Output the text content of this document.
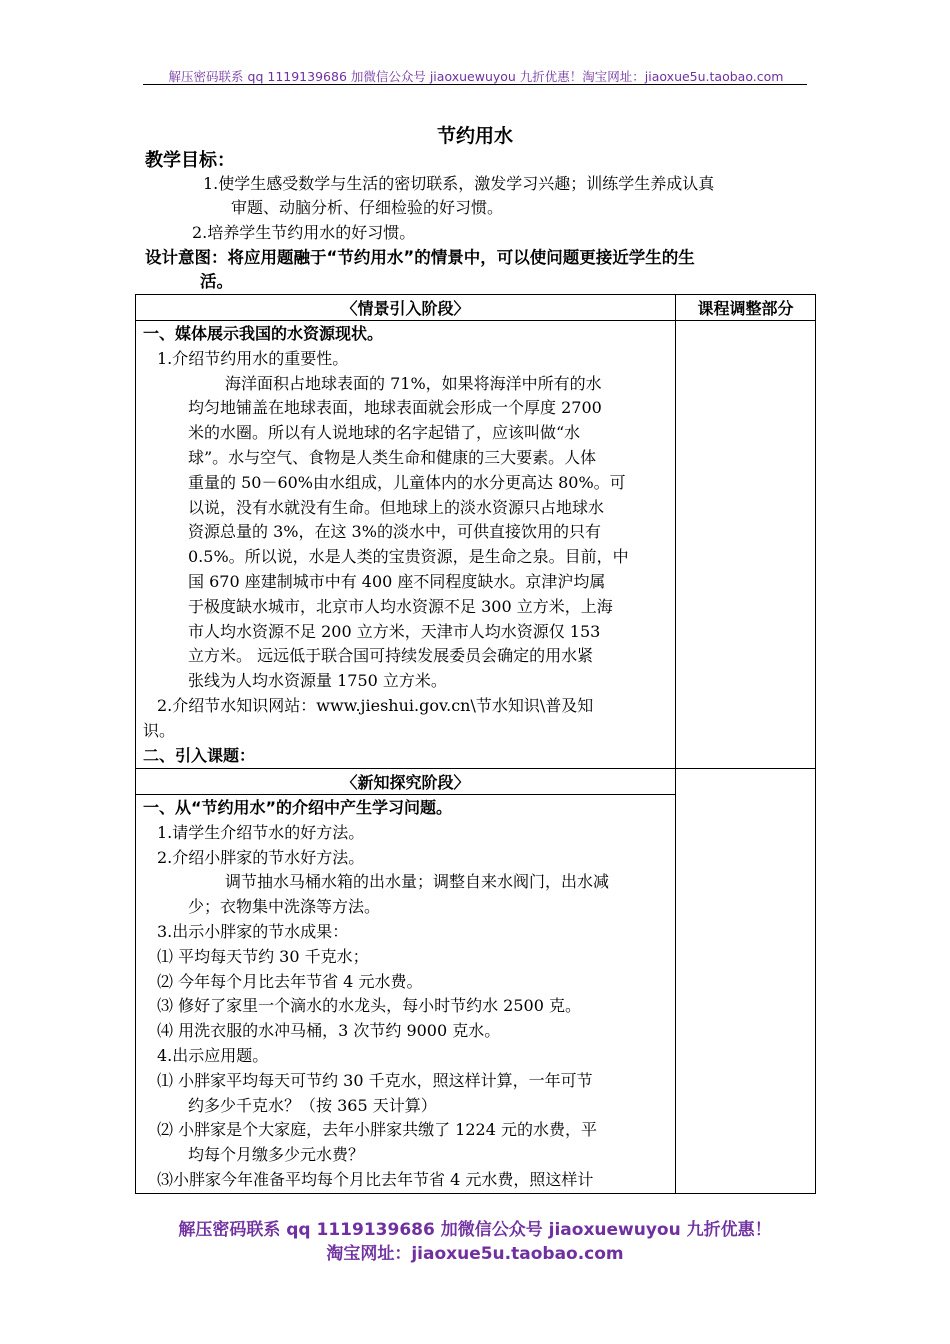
解压密码联系 qq 1119139686 加微信公众号 jiaoxuewuyou 九折优惠！淘宝网址：jiaoxue5u.taobao.com
节约用水
教学目标：
1.使学生感受数学与生活的密切联系，激发学习兴趣；训练学生养成认真
审题、动脑分析、仔细检验的好习惯。
2.培养学生节约用水的好习惯。
设计意图：将应用题融于“节约用水”的情景中，可以使问题更接近学生的生
活。
〈情景引入阶段〉	课程调整部分
一、媒体展示我国的水资源现状。
1.介绍节约用水的重要性。
海洋面积占地球表面的 71%，如果将海洋中所有的水
均匀地铺盖在地球表面，地球表面就会形成一个厚度 2700
米的水圈。所以有人说地球的名字起错了，应该叫做“水
球”。水与空气、食物是人类生命和健康的三大要素。人体
重量的 50－60%由水组成，儿童体内的水分更高达 80%。可
以说，没有水就没有生命。但地球上的淡水资源只占地球水
资源总量的 3%，在这 3%的淡水中，可供直接饮用的只有
0.5%。所以说，水是人类的宝贵资源，是生命之泉。目前，中
国 670 座建制城市中有 400 座不同程度缺水。京津沪均属
于极度缺水城市，北京市人均水资源不足 300 立方米，上海
市人均水资源不足 200 立方米，天津市人均水资源仅 153
立方米。 远远低于联合国可持续发展委员会确定的用水紧
张线为人均水资源量 1750 立方米。
2.介绍节水知识网站：www.jieshui.gov.cn\节水知识\普及知
识。
二、引入课题：
〈新知探究阶段〉
一、从“节约用水”的介绍中产生学习问题。
1.请学生介绍节水的好方法。
2.介绍小胖家的节水好方法。
调节抽水马桶水箱的出水量；调整自来水阀门，出水减
少；衣物集中洗涤等方法。
3.出示小胖家的节水成果：
⑴ 平均每天节约 30 千克水；
⑵ 今年每个月比去年节省 4 元水费。
⑶ 修好了家里一个滴水的水龙头，每小时节约水 2500 克。
⑷ 用洗衣服的水冲马桶，3 次节约 9000 克水。
4.出示应用题。
⑴ 小胖家平均每天可节约 30 千克水，照这样计算，一年可节
约多少千克水？（按 365 天计算）
⑵ 小胖家是个大家庭，去年小胖家共缴了 1224 元的水费，平
均每个月缴多少元水费？
⑶小胖家今年准备平均每个月比去年节省 4 元水费，照这样计
解压密码联系 qq 1119139686 加微信公众号 jiaoxuewuyou 九折优惠！
淘宝网址：jiaoxue5u.taobao.com
